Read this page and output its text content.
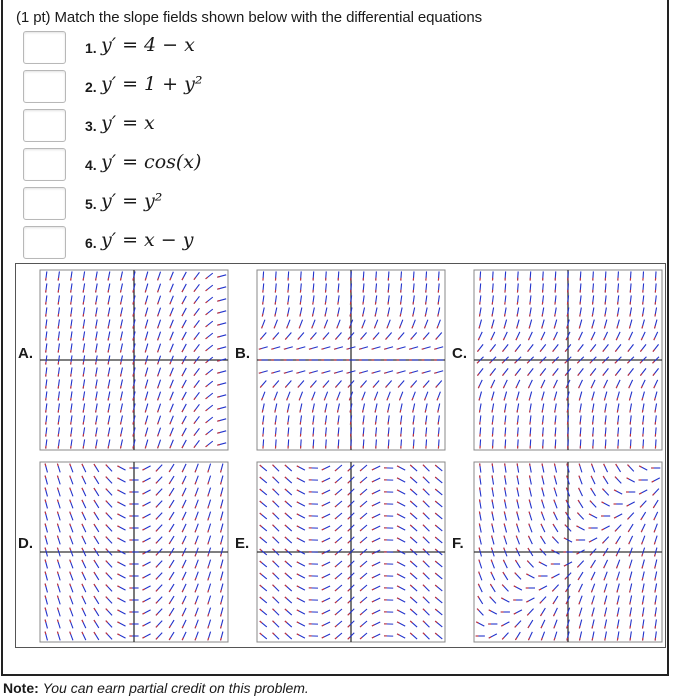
(1 pt) Match the slope fields shown below with the differential equations
1. y′ = 4 − x
2. y′ = 1 + y²
3. y′ = x
4. y′ = cos(x)
5. y′ = y²
6. y′ = x − y
A.	B.	C.
D.	E.	F.
Note: You can earn partial credit on this problem.
